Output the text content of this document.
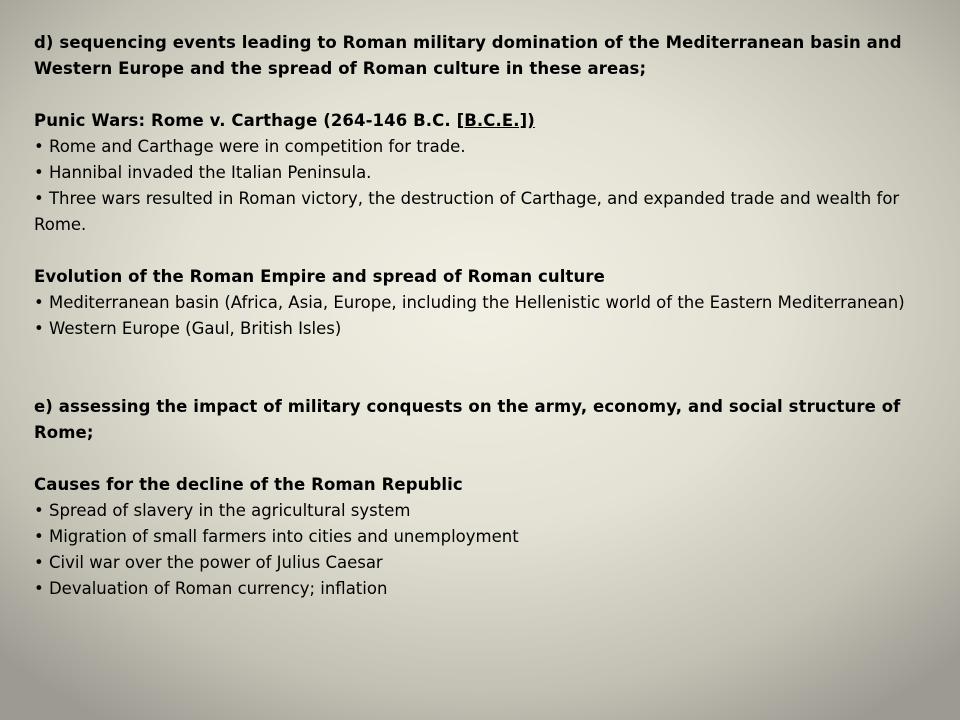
d) sequencing events leading to Roman military domination of the Mediterranean basin and Western Europe and the spread of Roman culture in these areas;
Punic Wars: Rome v. Carthage (264-146 B.C. [B.C.E.])
• Rome and Carthage were in competition for trade.
• Hannibal invaded the Italian Peninsula.
• Three wars resulted in Roman victory, the destruction of Carthage, and expanded trade and wealth for Rome.
Evolution of the Roman Empire and spread of Roman culture
• Mediterranean basin (Africa, Asia, Europe, including the Hellenistic world of the Eastern Mediterranean)
• Western Europe (Gaul, British Isles)
e) assessing the impact of military conquests on the army, economy, and social structure of Rome;
Causes for the decline of the Roman Republic
• Spread of slavery in the agricultural system
• Migration of small farmers into cities and unemployment
• Civil war over the power of Julius Caesar
• Devaluation of Roman currency; inflation
